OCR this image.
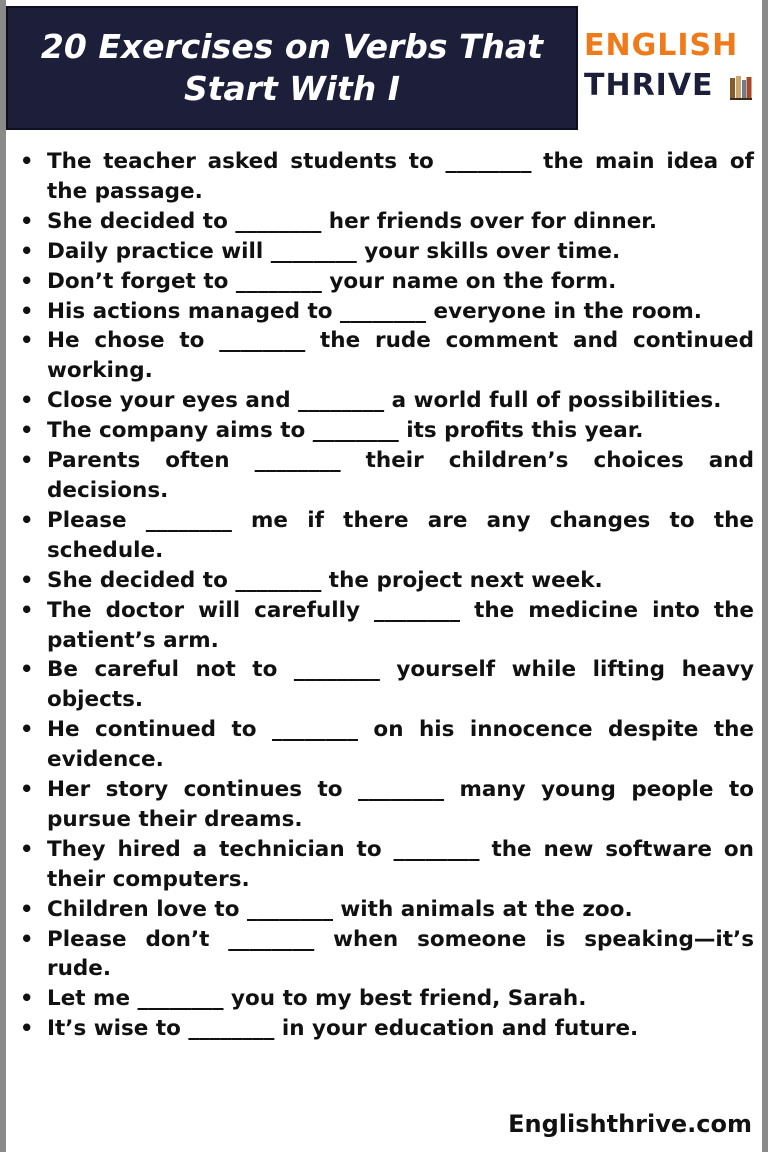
20 Exercises on Verbs That Start With I
ENGLISH
THRIVE
• The teacher asked students to ________ the main idea of the passage.
• She decided to ________ her friends over for dinner.
• Daily practice will ________ your skills over time.
• Don’t forget to ________ your name on the form.
• His actions managed to ________ everyone in the room.
• He chose to ________ the rude comment and continued working.
• Close your eyes and ________ a world full of possibilities.
• The company aims to ________ its profits this year.
• Parents often ________ their children’s choices and decisions.
• Please ________ me if there are any changes to the schedule.
• She decided to ________ the project next week.
• The doctor will carefully ________ the medicine into the patient’s arm.
• Be careful not to ________ yourself while lifting heavy objects.
• He continued to ________ on his innocence despite the evidence.
• Her story continues to ________ many young people to pursue their dreams.
• They hired a technician to ________ the new software on their computers.
• Children love to ________ with animals at the zoo.
• Please don’t ________ when someone is speaking—it’s rude.
• Let me ________ you to my best friend, Sarah.
• It’s wise to ________ in your education and future.
Englishthrive.com
